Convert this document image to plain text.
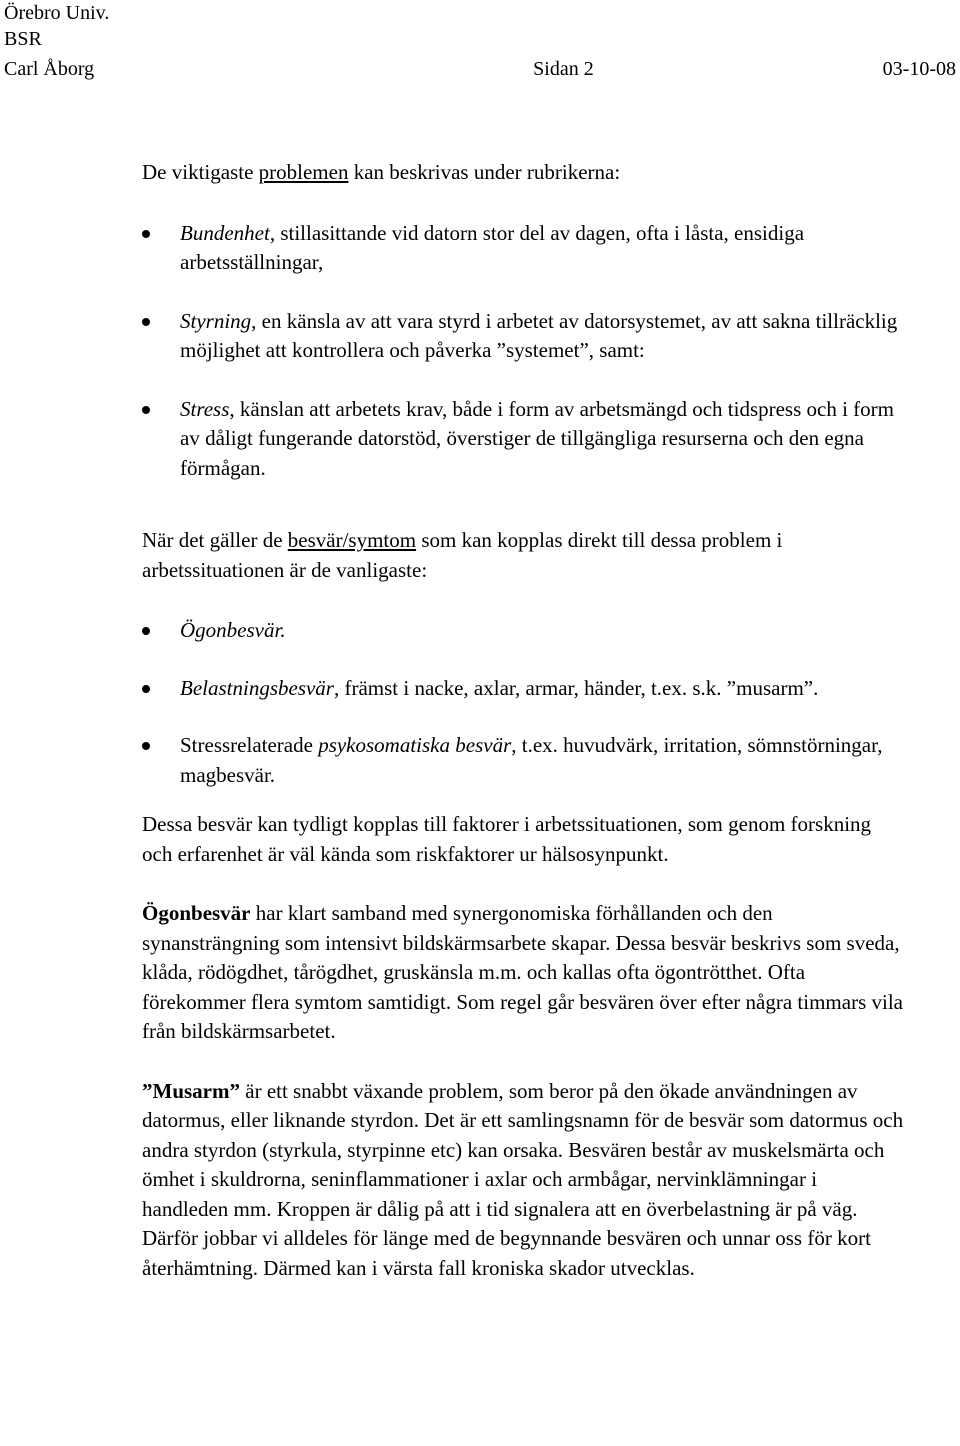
Örebro Univ.
BSR
Carl Åborg	Sidan 2	03-10-08

De viktigaste problemen kan beskrivas under rubrikerna:

Bundenhet, stillasittande vid datorn stor del av dagen, ofta i låsta, ensidiga arbetsställningar,
Styrning, en känsla av att vara styrd i arbetet av datorsystemet, av att sakna tillräcklig möjlighet att kontrollera och påverka ”systemet”, samt:
Stress, känslan att arbetets krav, både i form av arbetsmängd och tidspress och i form av dåligt fungerande datorstöd, överstiger de tillgängliga resurserna och den egna förmågan.

När det gäller de besvär/symtom som kan kopplas direkt till dessa problem i arbetssituationen är de vanligaste:

Ögonbesvär.
Belastningsbesvär, främst i nacke, axlar, armar, händer, t.ex. s.k. ”musarm”.
Stressrelaterade psykosomatiska besvär, t.ex. huvudvärk, irritation, sömnstörningar, magbesvär.

Dessa besvär kan tydligt kopplas till faktorer i arbetssituationen, som genom forskning och erfarenhet är väl kända som riskfaktorer ur hälsosynpunkt.

Ögonbesvär har klart samband med synergonomiska förhållanden och den synansträngning som intensivt bildskärmsarbete skapar. Dessa besvär beskrivs som sveda, klåda, rödögdhet, tårögdhet, gruskänsla m.m. och kallas ofta ögontrötthet. Ofta förekommer flera symtom samtidigt. Som regel går besvären över efter några timmars vila från bildskärmsarbetet.

”Musarm” är ett snabbt växande problem, som beror på den ökade användningen av datormus, eller liknande styrdon. Det är ett samlingsnamn för de besvär som datormus och andra styrdon (styrkula, styrpinne etc) kan orsaka. Besvären består av muskelsmärta och ömhet i skuldrorna, seninflammationer i axlar och armbågar, nervinklämningar i handleden mm. Kroppen är dålig på att i tid signalera att en överbelastning är på väg. Därför jobbar vi alldeles för länge med de begynnande besvären och unnar oss för kort återhämtning. Därmed kan i värsta fall kroniska skador utvecklas.
